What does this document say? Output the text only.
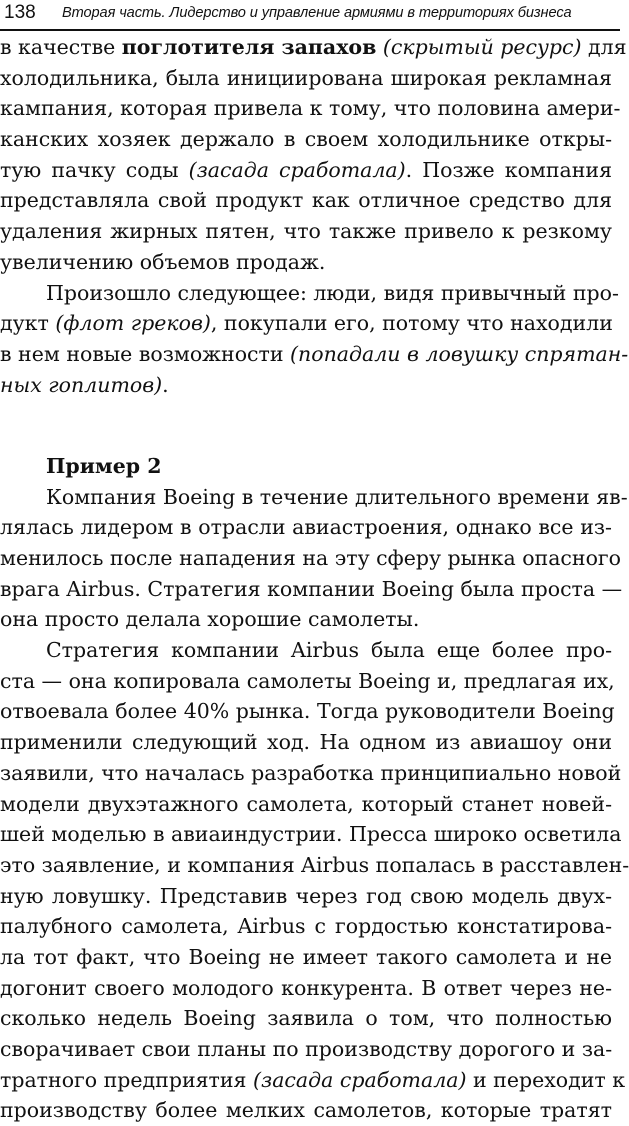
138 Вторая часть. Лидерство и управление армиями в территориях бизнеса
в качестве поглотителя запахов (скрытый ресурс) для
холодильника, была инициирована широкая рекламная
кампания, которая привела к тому, что половина амери-
канских хозяек держало в своем холодильнике откры-
тую пачку соды (засада сработала). Позже компания
представляла свой продукт как отличное средство для
удаления жирных пятен, что также привело к резкому
увеличению объемов продаж.
Произошло следующее: люди, видя привычный про-
дукт (флот греков), покупали его, потому что находили
в нем новые возможности (попадали в ловушку спрятан-
ных гоплитов).
Пример 2
Компания Boeing в течение длительного времени яв-
лялась лидером в отрасли авиастроения, однако все из-
менилось после нападения на эту сферу рынка опасного
врага Airbus. Стратегия компании Boeing была проста —
она просто делала хорошие самолеты.
Стратегия компании Airbus была еще более про-
ста — она копировала самолеты Boeing и, предлагая их,
отвоевала более 40% рынка. Тогда руководители Boeing
применили следующий ход. На одном из авиашоу они
заявили, что началась разработка принципиально новой
модели двухэтажного самолета, который станет новей-
шей моделью в авиаиндустрии. Пресса широко осветила
это заявление, и компания Airbus попалась в расставлен-
ную ловушку. Представив через год свою модель двух-
палубного самолета, Airbus с гордостью констатирова-
ла тот факт, что Boeing не имеет такого самолета и не
догонит своего молодого конкурента. В ответ через не-
сколько недель Boeing заявила о том, что полностью
сворачивает свои планы по производству дорогого и за-
тратного предприятия (засада сработала) и переходит к
производству более мелких самолетов, которые тратят
